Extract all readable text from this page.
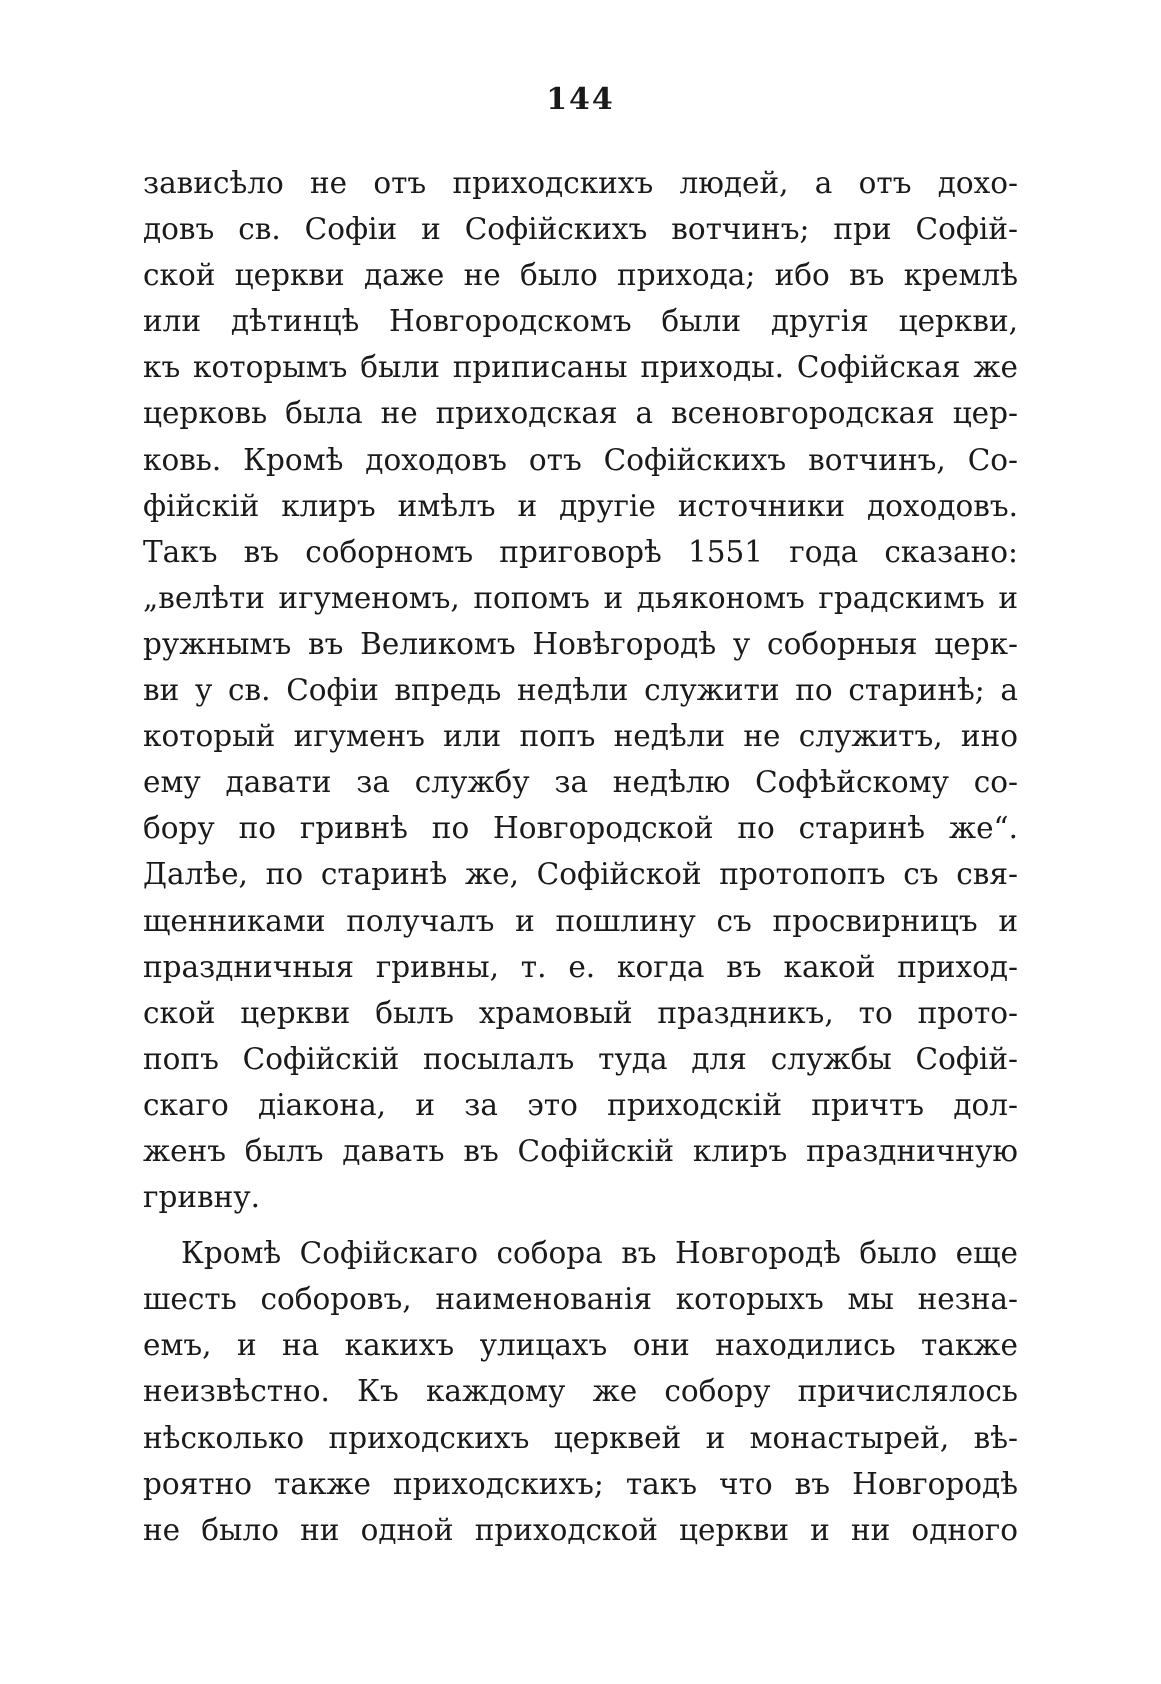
144
зависѣло не отъ приходскихъ людей, а отъ дохо-
довъ св. Софіи и Софійскихъ вотчинъ; при Софій-
ской церкви даже не было прихода; ибо въ кремлѣ
или дѣтинцѣ Новгородскомъ были другія церкви,
къ которымъ были приписаны приходы. Софійская же
церковь была не приходская а всеновгородская цер-
ковь. Кромѣ доходовъ отъ Софійскихъ вотчинъ, Со-
фійскій клиръ имѣлъ и другіе источники доходовъ.
Такъ въ соборномъ приговорѣ 1551 года сказано:
„велѣти игуменомъ, попомъ и дьякономъ градскимъ и
ружнымъ въ Великомъ Новѣгородѣ у соборныя церк-
ви у св. Софіи впредь недѣли служити по старинѣ; а
который игуменъ или попъ недѣли не служитъ, ино
ему давати за службу за недѣлю Софѣйскому со-
бору по гривнѣ по Новгородской по старинѣ же“.
Далѣе, по старинѣ же, Софійской протопопъ съ свя-
щенниками получалъ и пошлину съ просвирницъ и
праздничныя гривны, т. е. когда въ какой приход-
ской церкви былъ храмовый праздникъ, то прото-
попъ Софійскій посылалъ туда для службы Софій-
скаго діакона, и за это приходскій причтъ дол-
женъ былъ давать въ Софійскій клиръ праздничную
гривну.
Кромѣ Софійскаго собора въ Новгородѣ было еще
шесть соборовъ, наименованія которыхъ мы незна-
емъ, и на какихъ улицахъ они находились также
неизвѣстно. Къ каждому же собору причислялось
нѣсколько приходскихъ церквей и монастырей, вѣ-
роятно также приходскихъ; такъ что въ Новгородѣ
не было ни одной приходской церкви и ни одного
